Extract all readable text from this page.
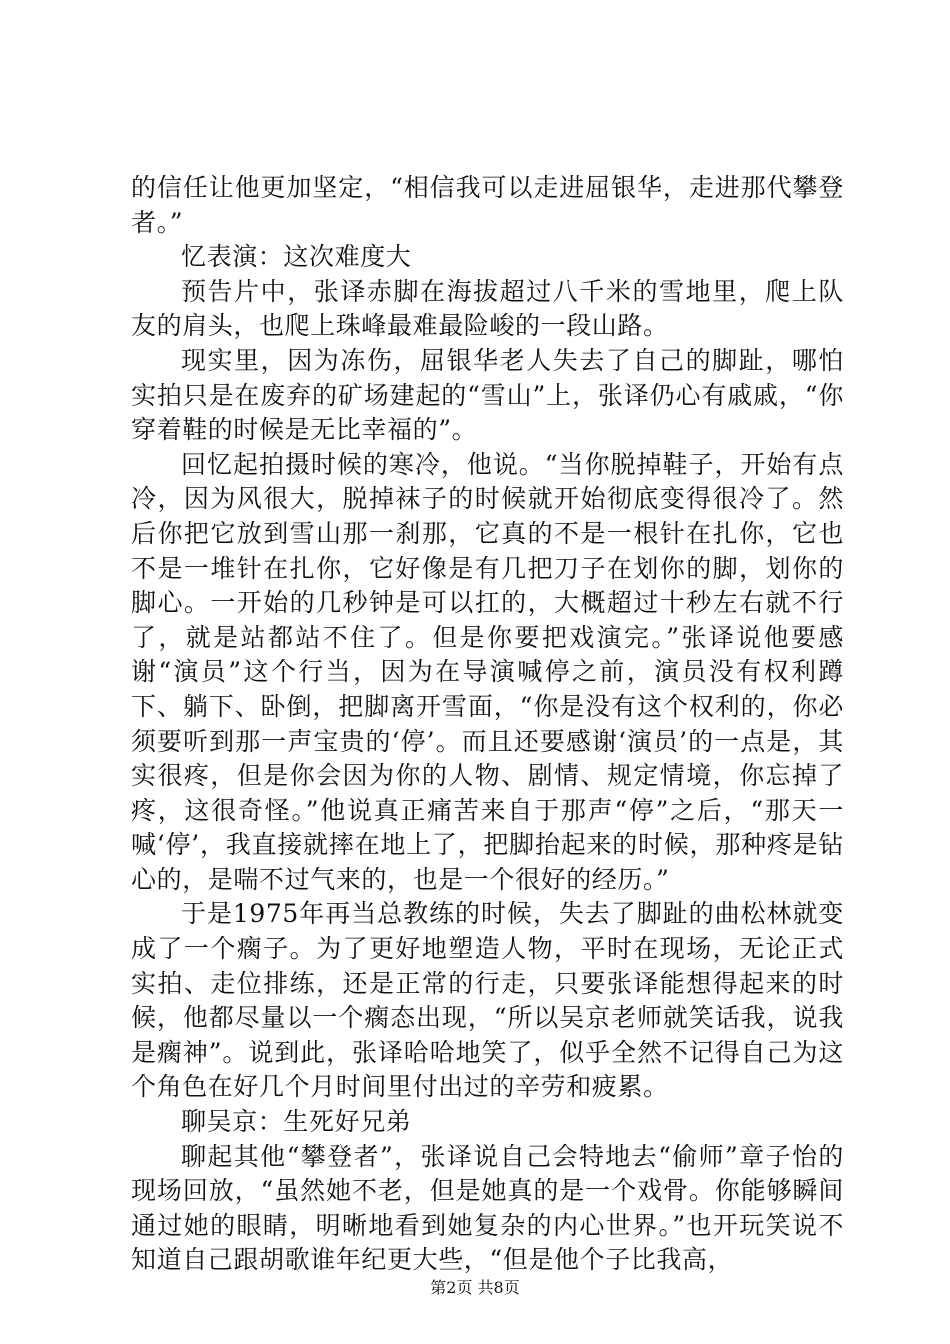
的信任让他更加坚定，“相信我可以走进屈银华，走进那代攀登者。”

忆表演：这次难度大

预告片中，张译赤脚在海拔超过八千米的雪地里，爬上队友的肩头，也爬上珠峰最难最险峻的一段山路。

现实里，因为冻伤，屈银华老人失去了自己的脚趾，哪怕实拍只是在废弃的矿场建起的“雪山”上，张译仍心有戚戚，“你穿着鞋的时候是无比幸福的”。

回忆起拍摄时候的寒冷，他说。“当你脱掉鞋子，开始有点冷，因为风很大，脱掉袜子的时候就开始彻底变得很冷了。然后你把它放到雪山那一刹那，它真的不是一根针在扎你，它也不是一堆针在扎你，它好像是有几把刀子在划你的脚，划你的脚心。一开始的几秒钟是可以扛的，大概超过十秒左右就不行了，就是站都站不住了。但是你要把戏演完。”张译说他要感谢“演员”这个行当，因为在导演喊停之前，演员没有权利蹲下、躺下、卧倒，把脚离开雪面，“你是没有这个权利的，你必须要听到那一声宝贵的‘停’。而且还要感谢‘演员’的一点是，其实很疼，但是你会因为你的人物、剧情、规定情境，你忘掉了疼，这很奇怪。”他说真正痛苦来自于那声“停”之后，“那天一喊‘停’，我直接就摔在地上了，把脚抬起来的时候，那种疼是钻心的，是喘不过气来的，也是一个很好的经历。”

于是1975年再当总教练的时候，失去了脚趾的曲松林就变成了一个瘸子。为了更好地塑造人物，平时在现场，无论正式实拍、走位排练，还是正常的行走，只要张译能想得起来的时候，他都尽量以一个瘸态出现，“所以吴京老师就笑话我，说我是瘸神”。说到此，张译哈哈地笑了，似乎全然不记得自己为这个角色在好几个月时间里付出过的辛劳和疲累。

聊吴京：生死好兄弟

聊起其他“攀登者”，张译说自己会特地去“偷师”章子怡的现场回放，“虽然她不老，但是她真的是一个戏骨。你能够瞬间通过她的眼睛，明晰地看到她复杂的内心世界。”也开玩笑说不知道自己跟胡歌谁年纪更大些，“但是他个子比我高，

第2页 共8页
